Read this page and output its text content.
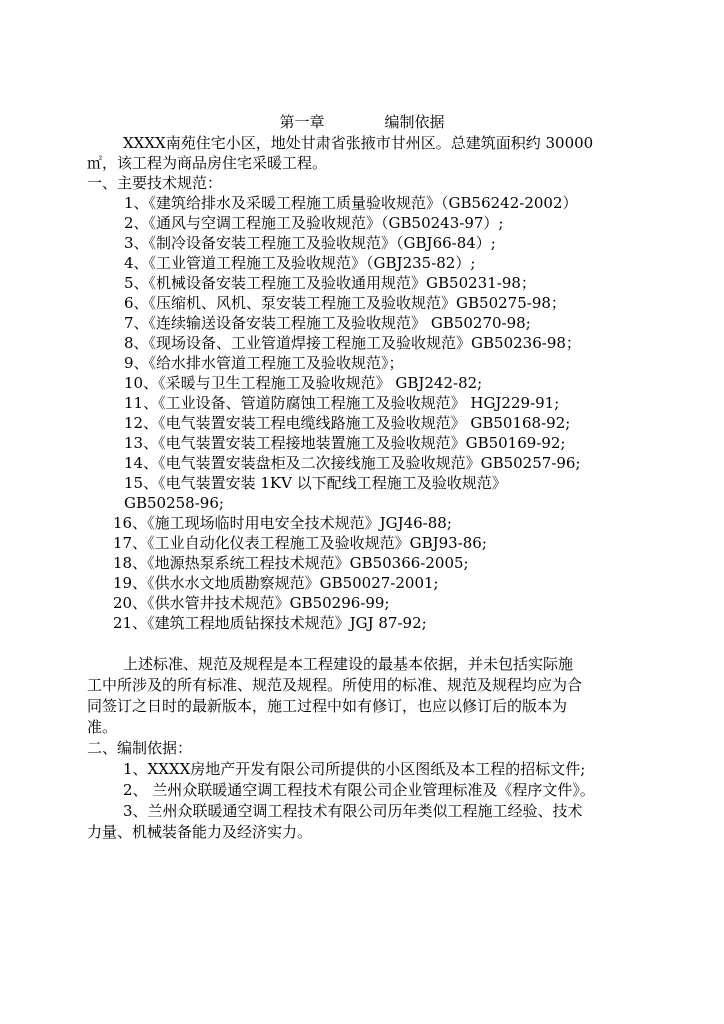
第一章	编制依据
XXXX南苑住宅小区，地处甘肃省张掖市甘州区。总建筑面积约 30000
㎡，该工程为商品房住宅采暖工程。
一、主要技术规范：
1、《建筑给排水及采暖工程施工质量验收规范》（GB56242-2002）
2、《通风与空调工程施工及验收规范》（GB50243-97）;
3、《制冷设备安装工程施工及验收规范》（GBJ66-84）;
4、《工业管道工程施工及验收规范》（GBJ235-82）;
5、《机械设备安装工程施工及验收通用规范》GB50231-98；
6、《压缩机、风机、泵安装工程施工及验收规范》GB50275-98；
7、《连续输送设备安装工程施工及验收规范》 GB50270-98;
8、《现场设备、工业管道焊接工程施工及验收规范》GB50236-98；
9、《给水排水管道工程施工及验收规范》；
10、《采暖与卫生工程施工及验收规范》 GBJ242-82;
11、《工业设备、管道防腐蚀工程施工及验收规范》 HGJ229-91;
12、《电气装置安装工程电缆线路施工及验收规范》 GB50168-92;
13、《电气装置安装工程接地装置施工及验收规范》GB50169-92;
14、《电气装置安装盘柜及二次接线施工及验收规范》GB50257-96;
15、《电气装置安装 1KV 以下配线工程施工及验收规范》
GB50258-96;
16、《施工现场临时用电安全技术规范》JGJ46-88;
17、《工业自动化仪表工程施工及验收规范》GBJ93-86;
18、《地源热泵系统工程技术规范》GB50366-2005;
19、《供水水文地质勘察规范》GB50027-2001;
20、《供水管井技术规范》GB50296-99;
21、《建筑工程地质钻探技术规范》JGJ 87-92;
上述标准、规范及规程是本工程建设的最基本依据，并未包括实际施
工中所涉及的所有标准、规范及规程。所使用的标准、规范及规程均应为合
同签订之日时的最新版本，施工过程中如有修订，也应以修订后的版本为
准。
二、编制依据：
1、XXXX房地产开发有限公司所提供的小区图纸及本工程的招标文件;
2、 兰州众联暖通空调工程技术有限公司企业管理标准及《程序文件》。
3、兰州众联暖通空调工程技术有限公司历年类似工程施工经验、技术
力量、机械装备能力及经济实力。
